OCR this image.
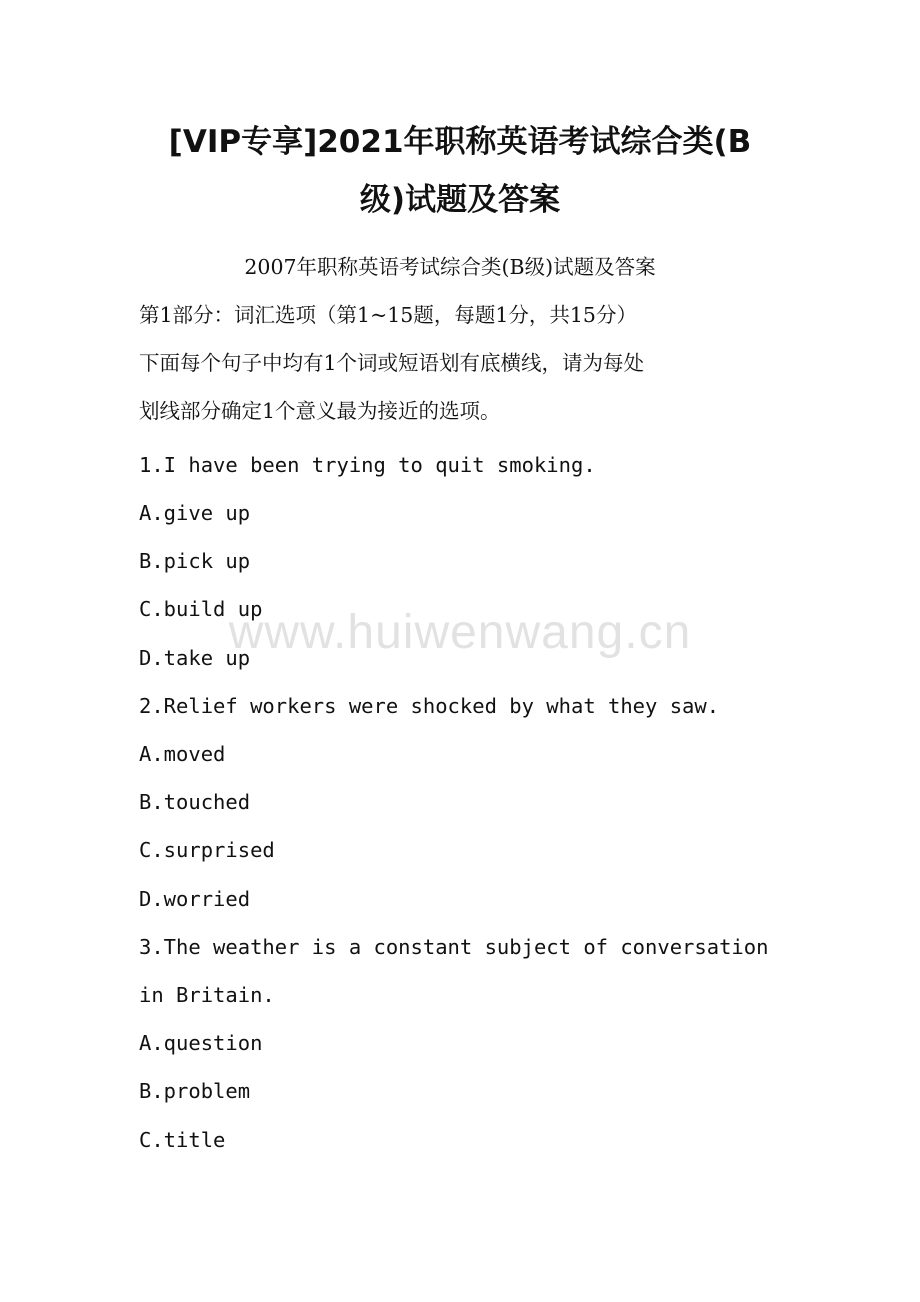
[VIP专享]2021年职称英语考试综合类(B
级)试题及答案

2007年职称英语考试综合类(B级)试题及答案

第1部分：词汇选项（第1~15题，每题1分，共15分）

下面每个句子中均有1个词或短语划有底横线，请为每处

划线部分确定1个意义最为接近的选项。

1.I have been trying to quit smoking.

A.give up

B.pick up

C.build up

D.take up

2.Relief workers were shocked by what they saw.

A.moved

B.touched

C.surprised

D.worried

3.The weather is a constant subject of conversation

in Britain.

A.question

B.problem

C.title

www.huiwenwang.cn
